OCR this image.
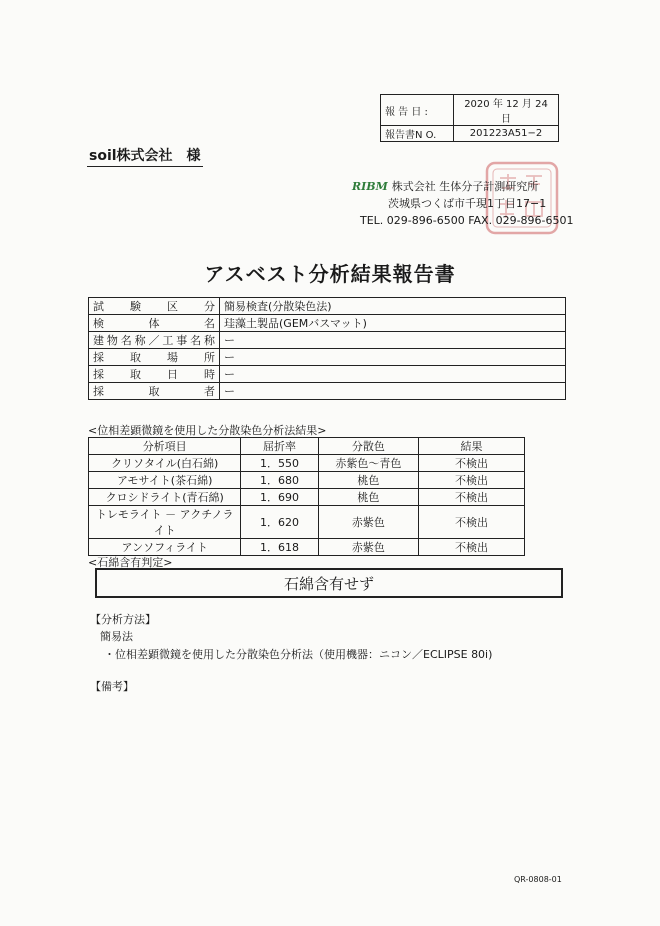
報 告 日 :	2020 年 12 月 24 日
報告書N O.	201223A51−2
soil株式会社　様
RIBM 株式会社 生体分子計測研究所
茨城県つくば市千現1丁目17−1
TEL. 029-896-6500 FAX. 029-896-6501
アスベスト分析結果報告書
試験区分	簡易検査(分散染色法)
検体名	珪藻土製品(GEMバスマット)
建物名称／工事名称	ー
採取場所	ー
採取日時	ー
採取者	ー
<位相差顕微鏡を使用した分散染色分析法結果>
分析項目	屈折率	分散色	結果
クリソタイル(白石綿)	1．550	赤紫色〜青色	不検出
アモサイト(茶石綿)	1．680	桃色	不検出
クロシドライト(青石綿)	1．690	桃色	不検出
トレモライト － アクチノライト	1．620	赤紫色	不検出
アンソフィライト	1．618	赤紫色	不検出
<石綿含有判定>
石綿含有せず
【分析方法】
簡易法
・位相差顕微鏡を使用した分散染色分析法（使用機器：ニコン／ECLIPSE 80i)
【備考】
QR-0808-01
